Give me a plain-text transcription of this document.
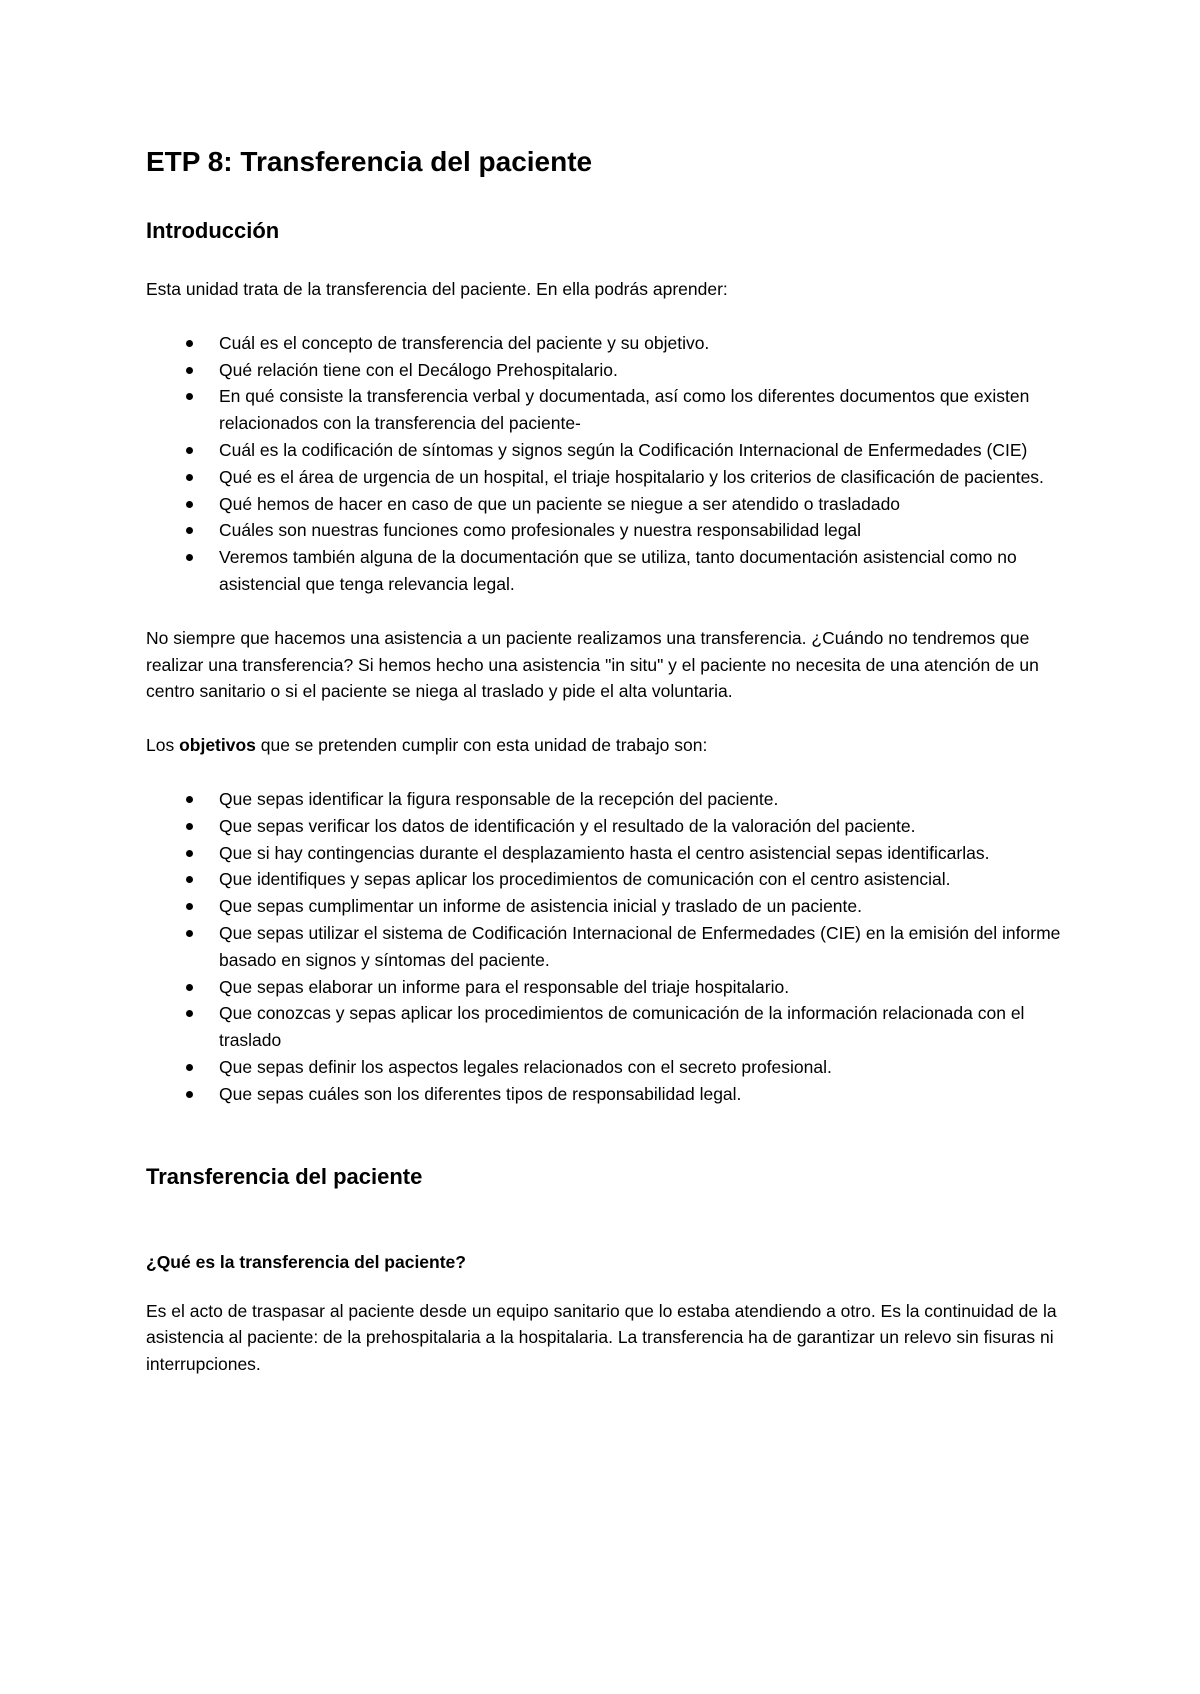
ETP 8: Transferencia del paciente
Introducción

Esta unidad trata de la transferencia del paciente. En ella podrás aprender:

Cuál es el concepto de transferencia del paciente y su objetivo.
Qué relación tiene con el Decálogo Prehospitalario.
En qué consiste la transferencia verbal y documentada, así como los diferentes documentos que existen relacionados con la transferencia del paciente-
Cuál es la codificación de síntomas y signos según la Codificación Internacional de Enfermedades (CIE)
Qué es el área de urgencia de un hospital, el triaje hospitalario y los criterios de clasificación de pacientes.
Qué hemos de hacer en caso de que un paciente se niegue a ser atendido o trasladado
Cuáles son nuestras funciones como profesionales y nuestra responsabilidad legal
Veremos también alguna de la documentación que se utiliza, tanto documentación asistencial como no asistencial que tenga relevancia legal.

No siempre que hacemos una asistencia a un paciente realizamos una transferencia. ¿Cuándo no tendremos que realizar una transferencia? Si hemos hecho una asistencia "in situ" y el paciente no necesita de una atención de un centro sanitario o si el paciente se niega al traslado y pide el alta voluntaria.

Los objetivos que se pretenden cumplir con esta unidad de trabajo son:

Que sepas identificar la figura responsable de la recepción del paciente.
Que sepas verificar los datos de identificación y el resultado de la valoración del paciente.
Que si hay contingencias durante el desplazamiento hasta el centro asistencial sepas identificarlas.
Que identifiques y sepas aplicar los procedimientos de comunicación con el centro asistencial.
Que sepas cumplimentar un informe de asistencia inicial y traslado de un paciente.
Que sepas utilizar el sistema de Codificación Internacional de Enfermedades (CIE) en la emisión del informe basado en signos y síntomas del paciente.
Que sepas elaborar un informe para el responsable del triaje hospitalario.
Que conozcas y sepas aplicar los procedimientos de comunicación de la información relacionada con el traslado
Que sepas definir los aspectos legales relacionados con el secreto profesional.
Que sepas cuáles son los diferentes tipos de responsabilidad legal.
Transferencia del paciente
¿Qué es la transferencia del paciente?

Es el acto de traspasar al paciente desde un equipo sanitario que lo estaba atendiendo a otro. Es la continuidad de la asistencia al paciente: de la prehospitalaria a la hospitalaria. La transferencia ha de garantizar un relevo sin fisuras ni interrupciones.
